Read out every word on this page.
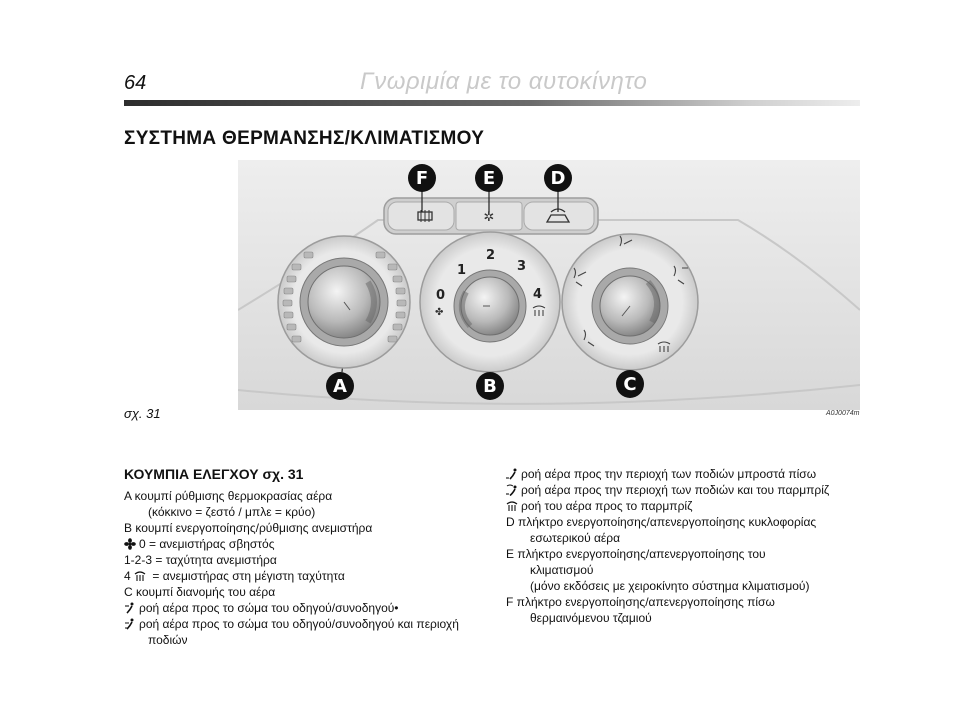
64	Γνωριμία με το αυτοκίνητο
ΣΥΣΤΗΜΑ ΘΕΡΜΑΝΣΗΣ/ΚΛΙΜΑΤΙΣΜΟΥ
✲
1
2
3
0	4
✤
F	E	D
A	B	C
σχ. 31	A0J0074m
ΚΟΥΜΠΙΑ ΕΛΕΓΧΟΥ σχ. 31
A κουμπί ρύθμισης θερμοκρασίας αέρα
(κόκκινο = ζεστό / μπλε = κρύο)
B κουμπί ενεργοποίησης/ρύθμισης ανεμιστήρα
0 = ανεμιστήρας σβηστός
1-2-3 = ταχύτητα ανεμιστήρα
4
= ανεμιστήρας στη μέγιστη ταχύτητα
C κουμπί διανομής του αέρα
ροή αέρα προς το σώμα του οδηγού/συνοδηγού•
ροή αέρα προς το σώμα του οδηγού/συνοδηγού και περιοχή
ποδιών
ροή αέρα προς την περιοχή των ποδιών μπροστά πίσω
ροή αέρα προς την περιοχή των ποδιών και του παρμπρίζ
ροή του αέρα προς το παρμπρίζ
D πλήκτρο ενεργοποίησης/απενεργοποίησης κυκλοφορίας
εσωτερικού αέρα
E πλήκτρο ενεργοποίησης/απενεργοποίησης του
κλιματισμού
(μόνο εκδόσεις με χειροκίνητο σύστημα κλιματισμού)
F πλήκτρο ενεργοποίησης/απενεργοποίησης πίσω
θερμαινόμενου τζαμιού
